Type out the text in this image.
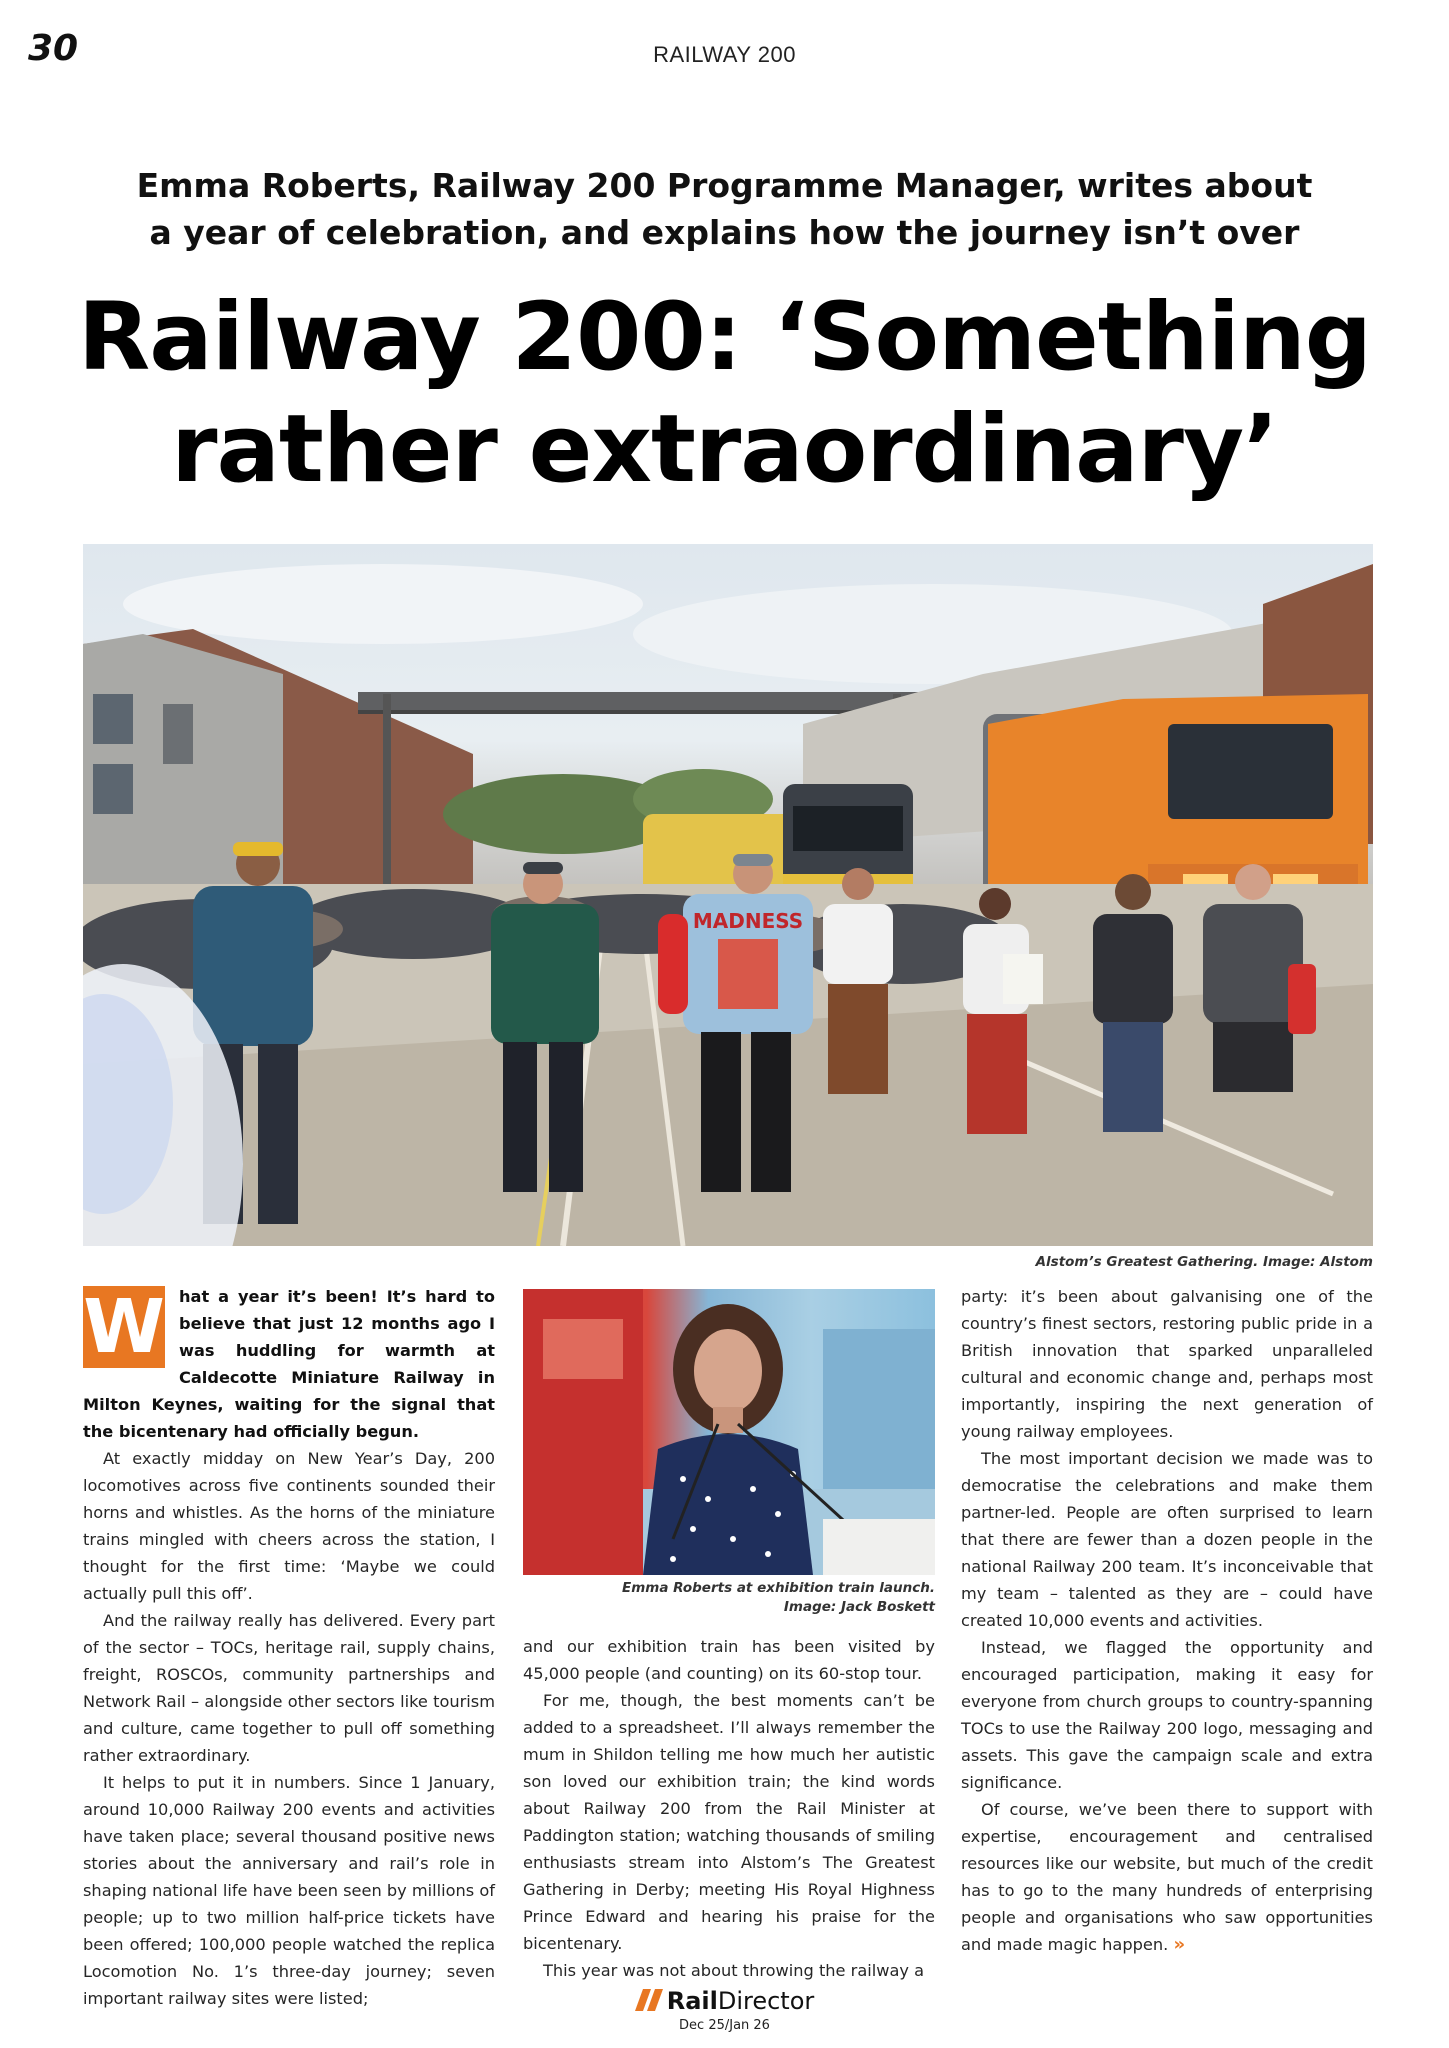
30	RAILWAY 200
Emma Roberts, Railway 200 Programme Manager, writes about
a year of celebration, and explains how the journey isn’t over
Railway 200: ‘Something
rather extraordinary’
MADNESS
Alstom’s Greatest Gathering. Image: Alstom
W hat a year it’s been! It’s hard to believe that just 12 months ago I was huddling for warmth at Caldecotte Miniature Railway in Milton Keynes, waiting for the signal that the bicentenary had officially begun.

At exactly midday on New Year’s Day, 200 locomotives across five continents sounded their horns and whistles. As the horns of the miniature trains mingled with cheers across the station, I thought for the first time: ‘Maybe we could actually pull this off’.

And the railway really has delivered. Every part of the sector – TOCs, heritage rail, supply chains, freight, ROSCOs, community partnerships and Network Rail – alongside other sectors like tourism and culture, came together to pull off something rather extraordinary.

It helps to put it in numbers. Since 1 January, around 10,000 Railway 200 events and activities have taken place; several thousand positive news stories about the anniversary and rail’s role in shaping national life have been seen by millions of people; up to two million half-price tickets have been offered; 100,000 people watched the replica Locomotion No. 1’s three-day journey; seven important railway sites were listed;

Emma Roberts at exhibition train launch.
Image: Jack Boskett

and our exhibition train has been visited by 45,000 people (and counting) on its 60-stop tour.

For me, though, the best moments can’t be added to a spreadsheet. I’ll always remember the mum in Shildon telling me how much her autistic son loved our exhibition train; the kind words about Railway 200 from the Rail Minister at Paddington station; watching thousands of smiling enthusiasts stream into Alstom’s The Greatest Gathering in Derby; meeting His Royal Highness Prince Edward and hearing his praise for the bicentenary.

This year was not about throwing the railway a

party: it’s been about galvanising one of the country’s finest sectors, restoring public pride in a British innovation that sparked unparalleled cultural and economic change and, perhaps most importantly, inspiring the next generation of young railway employees.

The most important decision we made was to democratise the celebrations and make them partner-led. People are often surprised to learn that there are fewer than a dozen people in the national Railway 200 team. It’s inconceivable that my team – talented as they are – could have created 10,000 events and activities.

Instead, we flagged the opportunity and encouraged participation, making it easy for everyone from church groups to country-spanning TOCs to use the Railway 200 logo, messaging and assets. This gave the campaign scale and extra significance.

Of course, we’ve been there to support with expertise, encouragement and centralised resources like our website, but much of the credit has to go to the many hundreds of enterprising people and organisations who saw opportunities and made magic happen. »

RailDirector
Dec 25/Jan 26
